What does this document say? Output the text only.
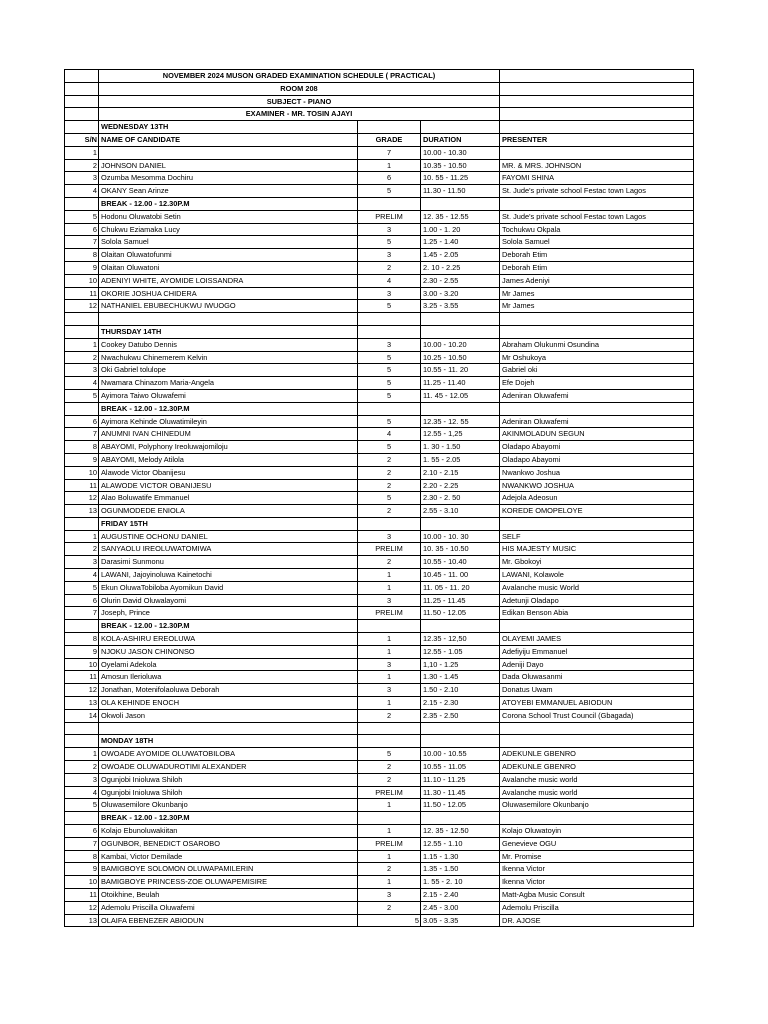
	NOVEMBER 2024 MUSON GRADED EXAMINATION SCHEDULE ( PRACTICAL)			
	ROOM 208			
	SUBJECT - PIANO			
	EXAMINER - MR. TOSIN AJAYI			
	WEDNESDAY 13TH			
S/N	NAME OF CANDIDATE	GRADE	DURATION	PRESENTER
1		7	10.00 - 10.30	
2	JOHNSON DANIEL	1	10.35 - 10.50	MR. & MRS. JOHNSON
3	Ozumba Mesomma Dochiru	6	10. 55 - 11.25	FAYOMI SHINA
4	OKANY Sean Arinze	5	11.30 - 11.50	St. Jude's private school Festac town Lagos
	BREAK - 12.00 - 12.30P.M			
5	Hodonu Oluwatobi Setin	PRELIM	12. 35 - 12.55	St. Jude's private school Festac town Lagos
6	Chukwu Eziamaka Lucy	3	1.00 - 1. 20	Tochukwu Okpala
7	Solola Samuel	5	1.25 - 1.40	Solola Samuel
8	Olaitan Oluwatofunmi	3	1.45 - 2.05	Deborah Etim
9	Olaitan Oluwatoni	2	2. 10 - 2.25	Deborah Etim
10	ADENIYI WHITE, AYOMIDE LOISSANDRA	4	2.30 - 2.55	James Adeniyi
11	OKORIE JOSHUA CHIDERA	3	3.00 - 3.20	Mr James
12	NATHANIEL EBUBECHUKWU IWUOGO	5	3.25 - 3.55	Mr James

	THURSDAY 14TH			
1	Cookey Datubo Dennis	3	10.00 - 10.20	Abraham Olukunmi Osundina
2	Nwachukwu Chinemerem Kelvin	5	10.25 - 10.50	Mr Oshukoya
3	Oki Gabriel tolulope	5	10.55 - 11. 20	Gabriel oki
4	Nwamara Chinazom Maria-Angela	5	11.25 - 11.40	Efe Dojeh
5	Ayimora Taiwo Oluwafemi	5	11. 45 - 12.05	Adeniran Oluwafemi
	BREAK - 12.00 - 12.30P.M			
6	Ayimora Kehinde Oluwatimileyin	5	12.35 - 12. 55	Adeniran Oluwafemi
7	ANUMNI IVAN CHINEDUM	4	12.55 - 1,25	AKINMOLADUN SEGUN
8	ABAYOMI, Polyphony Ireoluwajomiloju	5	1. 30 - 1.50	Oladapo Abayomi
9	ABAYOMI, Melody Atilola	2	1. 55 - 2.05	Oladapo Abayomi
10	Alawode Victor Obanijesu	2	2.10 - 2.15	Nwankwo Joshua
11	ALAWODE VICTOR OBANIJESU	2	2.20 - 2.25	NWANKWO JOSHUA
12	Alao Boluwatife Emmanuel	5	2.30 - 2. 50	Adejola Adeosun
13	OGUNMODEDE ENIOLA	2	2.55 - 3.10	KOREDE OMOPELOYE
	FRIDAY 15TH			
1	AUGUSTINE OCHONU DANIEL	3	10.00 - 10. 30	SELF
2	SANYAOLU IREOLUWATOMIWA	PRELIM	10. 35 - 10.50	HIS MAJESTY MUSIC
3	Darasimi Sunmonu	2	10.55 - 10.40	Mr. Gbokoyi
4	LAWANI, Jajoyinoluwa Kainetochi	1	10.45 - 11. 00	LAWANI, Kolawole
5	Ekun OluwaTobiloba Ayomikun David	1	11. 05 - 11. 20	Avalanche music World
6	Olurin David Oluwalayomi	3	11.25 - 11.45	Adetunji Oladapo
7	Joseph, Prince	PRELIM	11.50 - 12.05	Edikan Benson Abia
	BREAK - 12.00 - 12.30P.M			
8	KOLA-ASHIRU EREOLUWA	1	12.35 - 12,50	OLAYEMI JAMES
9	NJOKU JASON CHINONSO	1	12.55 - 1.05	Adefiyiju Emmanuel
10	Oyelami Adekola	3	1,10 - 1.25	Adeniji Dayo
11	Amosun Ilerioluwa	1	1.30 - 1.45	Dada Oluwasanmi
12	Jonathan, Motenifolaoluwa Deborah	3	1.50 - 2.10	Donatus Uwam
13	OLA KEHINDE ENOCH	1	2.15 - 2.30	ATOYEBI EMMANUEL ABIODUN
14	Okwoli Jason	2	2.35 - 2.50	Corona School Trust Council (Gbagada)

	MONDAY 18TH			
1	OWOADE AYOMIDE OLUWATOBILOBA	5	10.00 - 10.55	ADEKUNLE GBENRO
2	OWOADE OLUWADUROTIMI ALEXANDER	2	10.55 - 11.05	ADEKUNLE GBENRO
3	Ogunjobi Inioluwa Shiloh	2	11.10 - 11.25	Avalanche music world
4	Ogunjobi Inioluwa Shiloh	PRELIM	11.30 - 11.45	Avalanche music world
5	Oluwasemilore Okunbanjo	1	11.50 - 12.05	Oluwasemilore Okunbanjo
	BREAK - 12.00 - 12.30P.M			
6	Kolajo Ebunoluwakiitan	1	12. 35 - 12.50	Kolajo Oluwatoyin
7	OGUNBOR, BENEDICT OSAROBO	PRELIM	12.55 - 1.10	Genevieve OGU
8	Kambai, Victor Demilade	1	1.15 - 1.30	Mr. Promise
9	BAMIGBOYE SOLOMON OLUWAPAMILERIN	2	1.35 - 1.50	Ikenna Victor
10	BAMIGBOYE PRINCESS-ZOE OLUWAPEMISIRE	1	1. 55 - 2. 10	Ikenna Victor
11	Otoikhine, Beulah	3	2.15 - 2.40	Matt-Agba Music Consult
12	Ademolu Priscilla Oluwafemi	2	2.45 - 3.00	Ademolu Priscilla
13	OLAIFA EBENEZER ABIODUN	5	3.05 - 3.35	DR. AJOSE
